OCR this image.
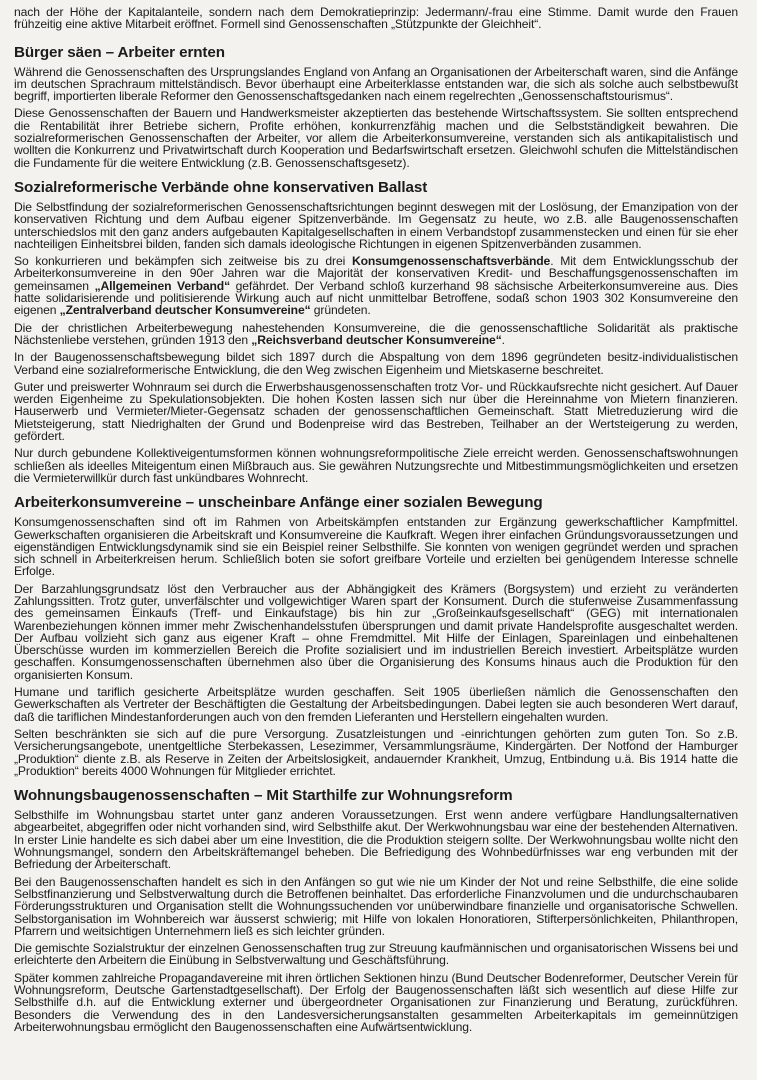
nach der Höhe der Kapitalanteile, sondern nach dem Demokratieprinzip: Jedermann/-frau eine Stimme. Damit wurde den Frauen frühzeitig eine aktive Mitarbeit eröffnet. Formell sind Genossenschaften „Stützpunkte der Gleichheit“.

Bürger säen – Arbeiter ernten

Während die Genossenschaften des Ursprungslandes England von Anfang an Organisationen der Arbeiterschaft waren, sind die Anfänge im deutschen Sprachraum mittelständisch. Bevor überhaupt eine Arbeiterklasse entstanden war, die sich als solche auch selbstbewußt begriff, importierten liberale Reformer den Genossenschaftsgedanken nach einem regelrechten „Genossenschaftstourismus“.

Diese Genossenschaften der Bauern und Handwerksmeister akzeptierten das bestehende Wirtschaftssystem. Sie sollten entsprechend die Rentabilität ihrer Betriebe sichern, Profite erhöhen, konkurrenzfähig machen und die Selbstständigkeit bewahren. Die sozialreformerischen Genossenschaften der Arbeiter, vor allem die Arbeiterkonsumvereine, verstanden sich als antikapitalistisch und wollten die Konkurrenz und Privatwirtschaft durch Kooperation und Bedarfswirtschaft ersetzen. Gleichwohl schufen die Mittelständischen die Fundamente für die weitere Entwicklung (z.B. Genossenschaftsgesetz).

Sozialreformerische Verbände ohne konservativen Ballast

Die Selbstfindung der sozialreformerischen Genossenschaftsrichtungen beginnt deswegen mit der Loslösung, der Emanzipation von der konservativen Richtung und dem Aufbau eigener Spitzenverbände. Im Gegensatz zu heute, wo z.B. alle Baugenossenschaften unterschiedslos mit den ganz anders aufgebauten Kapitalgesellschaften in einem Verbandstopf zusammenstecken und einen für sie eher nachteiligen Einheitsbrei bilden, fanden sich damals ideologische Richtungen in eigenen Spitzenverbänden zusammen.

So konkurrieren und bekämpfen sich zeitweise bis zu drei Konsumgenossenschaftsverbände. Mit dem Entwicklungsschub der Arbeiterkonsumvereine in den 90er Jahren war die Majorität der konservativen Kredit- und Beschaffungsgenossenschaften im gemeinsamen „Allgemeinen Verband“ gefährdet. Der Verband schloß kurzerhand 98 sächsische Arbeiterkonsumvereine aus. Dies hatte solidarisierende und politisierende Wirkung auch auf nicht unmittelbar Betroffene, sodaß schon 1903 302 Konsumvereine den eigenen „Zentralverband deutscher Konsumvereine“ gründeten.

Die der christlichen Arbeiterbewegung nahestehenden Konsumvereine, die die genossenschaftliche Solidarität als praktische Nächstenliebe verstehen, gründen 1913 den „Reichsverband deutscher Konsumvereine“.

In der Baugenossenschaftsbewegung bildet sich 1897 durch die Abspaltung von dem 1896 gegründeten besitz-individualistischen Verband eine sozialreformerische Entwicklung, die den Weg zwischen Eigenheim und Mietskaserne beschreitet.

Guter und preiswerter Wohnraum sei durch die Erwerbshausgenossenschaften trotz Vor- und Rückkaufsrechte nicht gesichert. Auf Dauer werden Eigenheime zu Spekulationsobjekten. Die hohen Kosten lassen sich nur über die Hereinnahme von Mietern finanzieren. Hauserwerb und Vermieter/Mieter-Gegensatz schaden der genossenschaftlichen Gemeinschaft. Statt Mietreduzierung wird die Mietsteigerung, statt Niedrighalten der Grund und Bodenpreise wird das Bestreben, Teilhaber an der Wertsteigerung zu werden, gefördert.

Nur durch gebundene Kollektiveigentumsformen können wohnungsreformpolitische Ziele erreicht werden. Genossenschaftswohnungen schließen als ideelles Miteigentum einen Mißbrauch aus. Sie gewähren Nutzungsrechte und Mitbestimmungsmöglichkeiten und ersetzen die Vermieterwillkür durch fast unkündbares Wohnrecht.

Arbeiterkonsumvereine – unscheinbare Anfänge einer sozialen Bewegung

Konsumgenossenschaften sind oft im Rahmen von Arbeitskämpfen entstanden zur Ergänzung gewerkschaftlicher Kampfmittel. Gewerkschaften organisieren die Arbeitskraft und Konsumvereine die Kaufkraft. Wegen ihrer einfachen Gründungsvoraussetzungen und eigenständigen Entwicklungsdynamik sind sie ein Beispiel reiner Selbsthilfe. Sie konnten von wenigen gegründet werden und sprachen sich schnell in Arbeiterkreisen herum. Schließlich boten sie sofort greifbare Vorteile und erzielten bei genügendem Interesse schnelle Erfolge.

Der Barzahlungsgrundsatz löst den Verbraucher aus der Abhängigkeit des Krämers (Borgsystem) und erzieht zu veränderten Zahlungssitten. Trotz guter, unverfälschter und vollgewichtiger Waren spart der Konsument. Durch die stufenweise Zusammenfassung des gemeinsamen Einkaufs (Treff- und Einkaufstage) bis hin zur „Großeinkaufsgesellschaft“ (GEG) mit internationalen Warenbeziehungen können immer mehr Zwischenhandelsstufen übersprungen und damit private Handelsprofite ausgeschaltet werden. Der Aufbau vollzieht sich ganz aus eigener Kraft – ohne Fremdmittel. Mit Hilfe der Einlagen, Spareinlagen und einbehaltenen Überschüsse wurden im kommerziellen Bereich die Profite sozialisiert und im industriellen Bereich investiert. Arbeitsplätze wurden geschaffen. Konsumgenossenschaften übernehmen also über die Organisierung des Konsums hinaus auch die Produktion für den organisierten Konsum.

Humane und tariflich gesicherte Arbeitsplätze wurden geschaffen. Seit 1905 überließen nämlich die Genossenschaften den Gewerkschaften als Vertreter der Beschäftigten die Gestaltung der Arbeitsbedingungen. Dabei legten sie auch besonderen Wert darauf, daß die tariflichen Mindestanforderungen auch von den fremden Lieferanten und Herstellern eingehalten wurden.

Selten beschränkten sie sich auf die pure Versorgung. Zusatzleistungen und -einrichtungen gehörten zum guten Ton. So z.B. Versicherungsangebote, unentgeltliche Sterbekassen, Lesezimmer, Versammlungsräume, Kindergärten. Der Notfond der Hamburger „Produktion“ diente z.B. als Reserve in Zeiten der Arbeitslosigkeit, andauernder Krankheit, Umzug, Entbindung u.ä. Bis 1914 hatte die „Produktion“ bereits 4000 Wohnungen für Mitglieder errichtet.

Wohnungsbaugenossenschaften – Mit Starthilfe zur Wohnungsreform

Selbsthilfe im Wohnungsbau startet unter ganz anderen Voraussetzungen. Erst wenn andere verfügbare Handlungsalternativen abgearbeitet, abgegriffen oder nicht vorhanden sind, wird Selbsthilfe akut. Der Werkwohnungsbau war eine der bestehenden Alternativen. In erster Linie handelte es sich dabei aber um eine Investition, die die Produktion steigern sollte. Der Werkwohnungsbau wollte nicht den Wohnungsmangel, sondern den Arbeitskräftemangel beheben. Die Befriedigung des Wohnbedürfnisses war eng verbunden mit der Befriedung der Arbeiterschaft.

Bei den Baugenossenschaften handelt es sich in den Anfängen so gut wie nie um Kinder der Not und reine Selbsthilfe, die eine solide Selbstfinanzierung und Selbstverwaltung durch die Betroffenen beinhaltet. Das erforderliche Finanzvolumen und die undurchschaubaren Förderungsstrukturen und Organisation stellt die Wohnungssuchenden vor unüberwindbare finanzielle und organisatorische Schwellen. Selbstorganisation im Wohnbereich war äusserst schwierig; mit Hilfe von lokalen Honoratioren, Stifterpersönlichkeiten, Philanthropen, Pfarrern und weitsichtigen Unternehmern ließ es sich leichter gründen.

Die gemischte Sozialstruktur der einzelnen Genossenschaften trug zur Streuung kaufmännischen und organisatorischen Wissens bei und erleichterte den Arbeitern die Einübung in Selbstverwaltung und Geschäftsführung.

Später kommen zahlreiche Propagandavereine mit ihren örtlichen Sektionen hinzu (Bund Deutscher Bodenreformer, Deutscher Verein für Wohnungsreform, Deutsche Gartenstadtgesellschaft). Der Erfolg der Baugenossenschaften läßt sich wesentlich auf diese Hilfe zur Selbsthilfe d.h. auf die Entwicklung externer und übergeordneter Organisationen zur Finanzierung und Beratung, zurückführen. Besonders die Verwendung des in den Landesversicherungsanstalten gesammelten Arbeiterkapitals im gemeinnützigen Arbeiterwohnungsbau ermöglicht den Baugenossenschaften eine Aufwärtsentwicklung.
